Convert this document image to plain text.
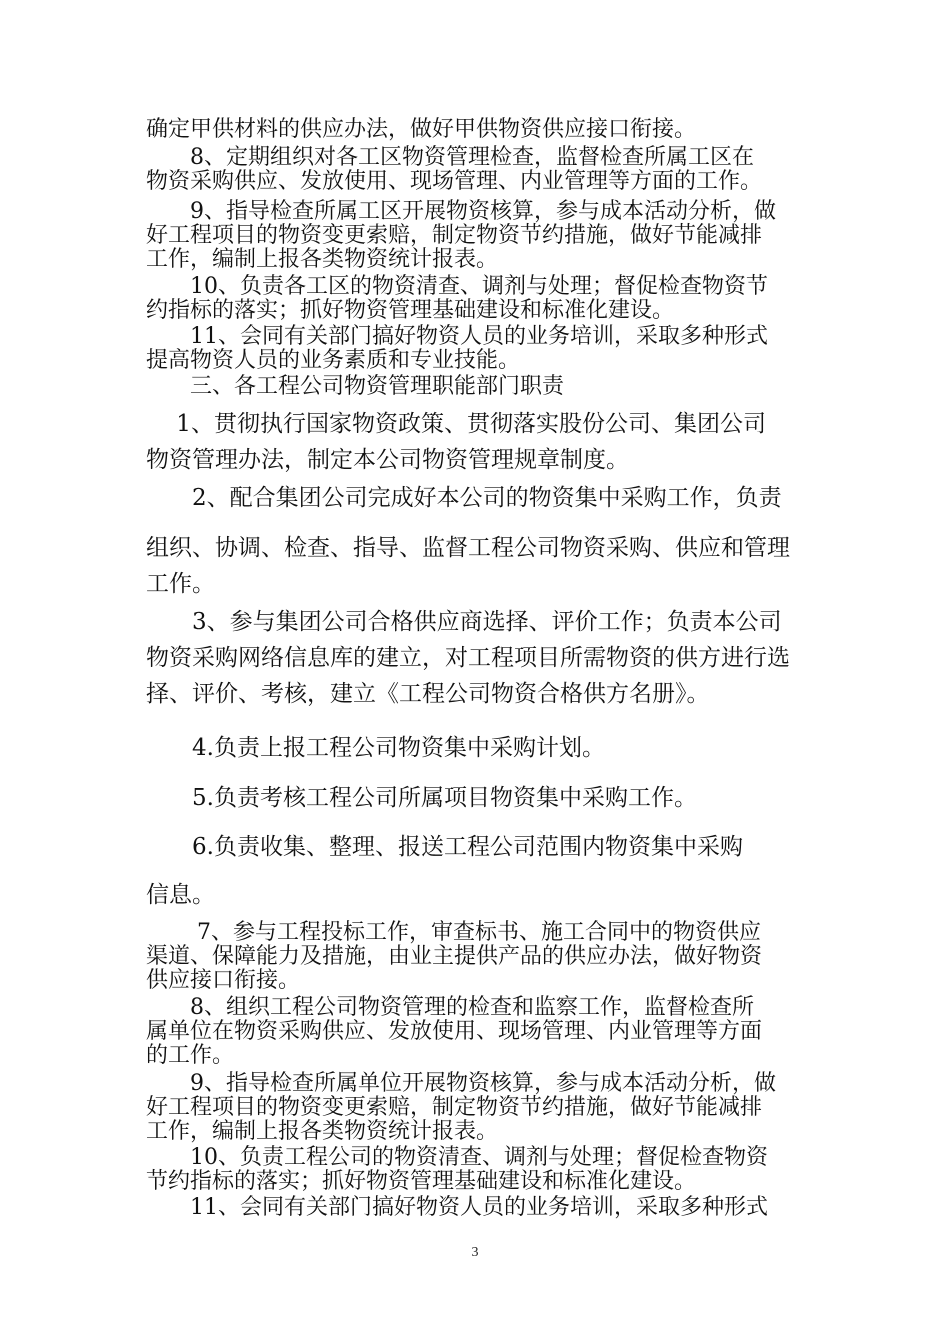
确定甲供材料的供应办法，做好甲供物资供应接口衔接。

　　8、定期组织对各工区物资管理检查，监督检查所属工区在
物资采购供应、发放使用、现场管理、内业管理等方面的工作。

　　9、指导检查所属工区开展物资核算，参与成本活动分析，做
好工程项目的物资变更索赔，制定物资节约措施，做好节能减排
工作，编制上报各类物资统计报表。

　　10、负责各工区的物资清查、调剂与处理；督促检查物资节
约指标的落实；抓好物资管理基础建设和标准化建设。

　　11、会同有关部门搞好物资人员的业务培训，采取多种形式
提高物资人员的业务素质和专业技能。

　　三、各工程公司物资管理职能部门职责

　 1、贯彻执行国家物资政策、贯彻落实股份公司、集团公司
物资管理办法，制定本公司物资管理规章制度。

　　2、配合集团公司完成好本公司的物资集中采购工作，负责

组织、协调、检查、指导、监督工程公司物资采购、供应和管理
工作。

　　3、参与集团公司合格供应商选择、评价工作；负责本公司
物资采购网络信息库的建立，对工程项目所需物资的供方进行选
择、评价、考核，建立《工程公司物资合格供方名册》。

　　4.负责上报工程公司物资集中采购计划。

　　5.负责考核工程公司所属项目物资集中采购工作。

　　6.负责收集、整理、报送工程公司范围内物资集中采购

信息。

　　 7、参与工程投标工作，审查标书、施工合同中的物资供应
渠道、保障能力及措施，由业主提供产品的供应办法，做好物资
供应接口衔接。

　　8、组织工程公司物资管理的检查和监察工作，监督检查所
属单位在物资采购供应、发放使用、现场管理、内业管理等方面
的工作。

　　9、指导检查所属单位开展物资核算，参与成本活动分析，做
好工程项目的物资变更索赔，制定物资节约措施，做好节能减排
工作，编制上报各类物资统计报表。

　　10、负责工程公司的物资清查、调剂与处理；督促检查物资
节约指标的落实；抓好物资管理基础建设和标准化建设。

　　11、会同有关部门搞好物资人员的业务培训，采取多种形式

3
